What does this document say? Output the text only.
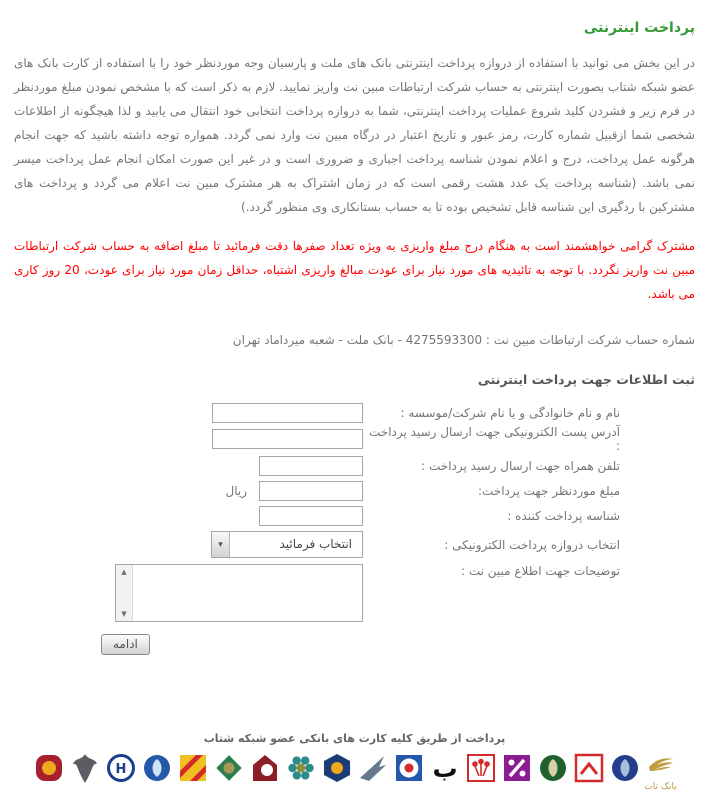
پرداخت اینترنتی

در این بخش می توانید با استفاده از دروازه پرداخت اینترنتی بانک های ملت و پارسیان وجه موردنظر خود را با استفاده از کارت بانک های عضو شبکه شتاب بصورت اینترنتی به حساب شرکت ارتباطات مبین نت واریز نمایید. لازم به ذکر است که با مشخص نمودن مبلغ موردنظر در فرم زیر و فشردن کلید شروع عملیات پرداخت اینترنتی، شما به دروازه پرداخت انتخابی خود انتقال می یابید و لذا هیچگونه از اطلاعات شخصی شما ازقبیل شماره کارت، رمز عبور و تاریخ اعتبار در درگاه مبین نت وارد نمی گردد. همواره توجه داشته باشید که جهت انجام هرگونه عمل پرداخت، درج و اعلام نمودن شناسه پرداخت اجباری و ضروری است و در غیر این صورت امکان انجام عمل پرداخت میسر نمی باشد. (شناسه پرداخت یک عدد هشت رقمی است که در زمان اشتراک به هر مشترک مبین نت اعلام می گردد و پرداخت های مشترکین با ردگیری این شناسه قابل تشخیص بوده تا به حساب بستانکاری وی منظور گردد.)

مشترک گرامی خواهشمند است به هنگام درج مبلغ واریزی به ویژه تعداد صفرها دقت فرمائید تا مبلغ اضافه به حساب شرکت ارتباطات مبین نت واریز نگردد. با توجه به تائیدیه های مورد نیاز برای عودت مبالغ واریزی اشتباه، حداقل زمان مورد نیاز برای عودت، 20 روز کاری می باشد.

شماره حساب شرکت ارتباطات مبین نت : 4275593300 - بانک ملت - شعبه میرداماد تهران

ثبت اطلاعات جهت پرداخت اینترنتی
نام و نام خانوادگی و یا نام شرکت/موسسه :
آدرس پست الکترونیکی جهت ارسال رسید پرداخت :
تلفن همراه جهت ارسال رسید پرداخت :
مبلغ موردنظر جهت پرداخت:
ریال
شناسه پرداخت کننده :
انتخاب دروازه پرداخت الکترونیکی :
▾	انتخاب فرمائید
توضیحات جهت اطلاع مبین نت :
▲
▼
ادامه
پرداخت از طریق کلیه کارت های بانکی عضو شبکه شتاب
H	ب
بانک تات
